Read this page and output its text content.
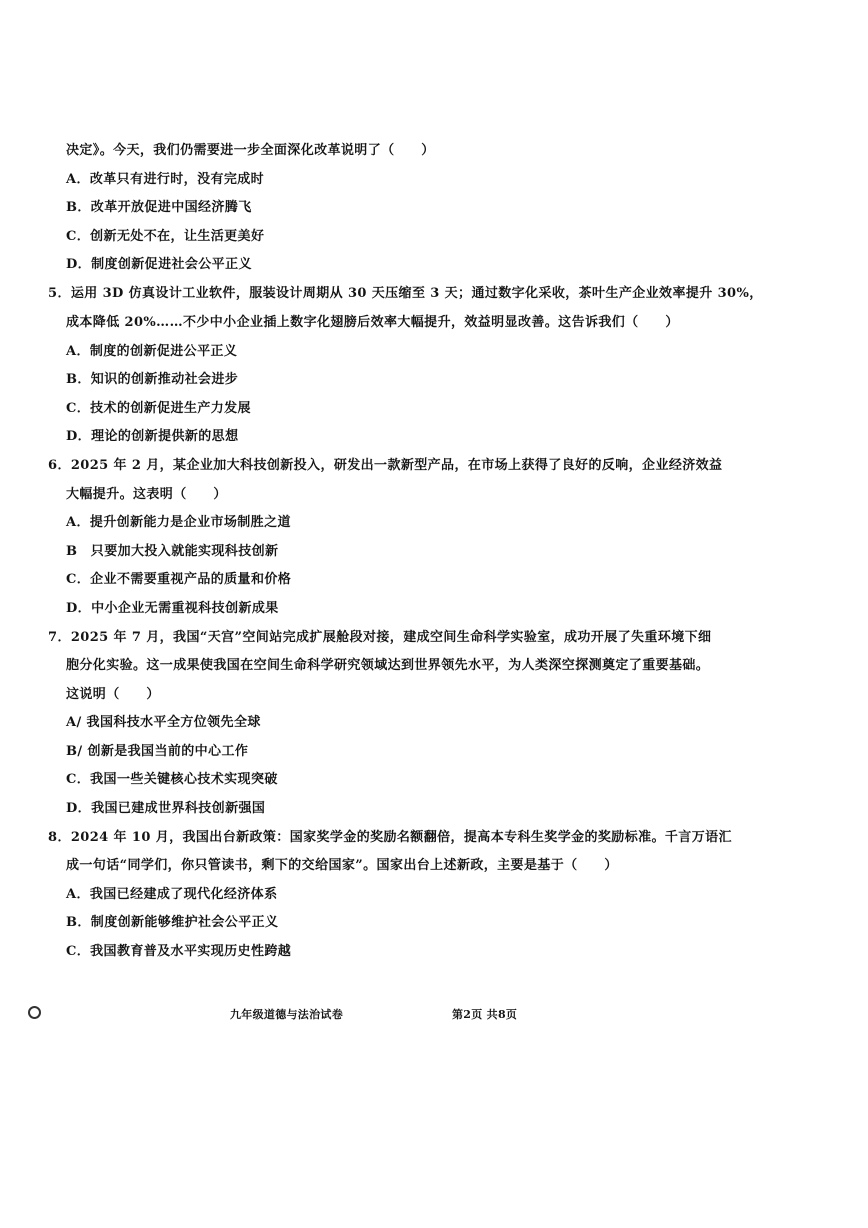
决定》。今天，我们仍需要进一步全面深化改革说明了（　　）
A．改革只有进行时，没有完成时
B．改革开放促进中国经济腾飞
C．创新无处不在，让生活更美好
D．制度创新促进社会公平正义
5．运用 3D 仿真设计工业软件，服装设计周期从 30 天压缩至 3 天；通过数字化采收，茶叶生产企业效率提升 30%，
成本降低 20%……不少中小企业插上数字化翅膀后效率大幅提升，效益明显改善。这告诉我们（　　）
A．制度的创新促进公平正义
B．知识的创新推动社会进步
C．技术的创新促进生产力发展
D．理论的创新提供新的思想
6．2025 年 2 月，某企业加大科技创新投入，研发出一款新型产品，在市场上获得了良好的反响，企业经济效益
大幅提升。这表明（　　）
A．提升创新能力是企业市场制胜之道
B　只要加大投入就能实现科技创新
C．企业不需要重视产品的质量和价格
D．中小企业无需重视科技创新成果
7．2025 年 7 月，我国“天宫”空间站完成扩展舱段对接，建成空间生命科学实验室，成功开展了失重环境下细
胞分化实验。这一成果使我国在空间生命科学研究领域达到世界领先水平，为人类深空探测奠定了重要基础。
这说明（　　）
A/ 我国科技水平全方位领先全球
B/ 创新是我国当前的中心工作
C．我国一些关键核心技术实现突破
D．我国已建成世界科技创新强国
8．2024 年 10 月，我国出台新政策：国家奖学金的奖励名额翻倍，提高本专科生奖学金的奖励标准。千言万语汇
成一句话“同学们，你只管读书，剩下的交给国家”。国家出台上述新政，主要是基于（　　）
A．我国已经建成了现代化经济体系
B．制度创新能够维护社会公平正义
C．我国教育普及水平实现历史性跨越
九年级道德与法治试卷	第2页 共8页
